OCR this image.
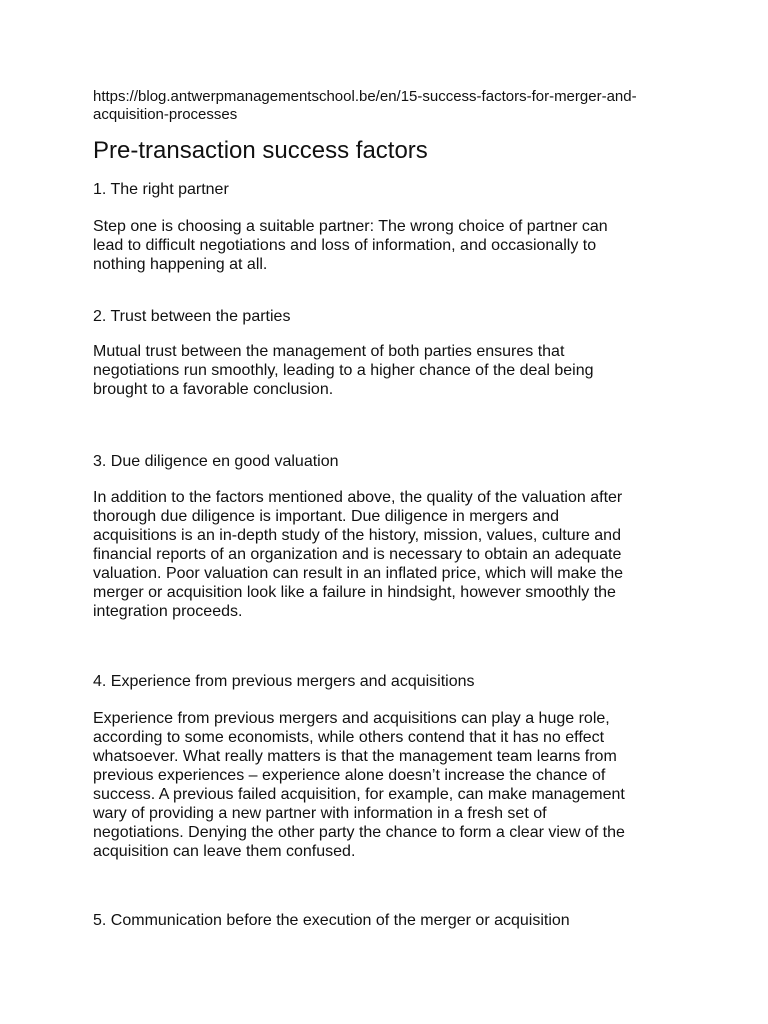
https://blog.antwerpmanagementschool.be/en/15-success-factors-for-merger-and-
acquisition-processes
Pre-transaction success factors
1. The right partner
Step one is choosing a suitable partner: The wrong choice of partner can
lead to difficult negotiations and loss of information, and occasionally to
nothing happening at all.
2. Trust between the parties
Mutual trust between the management of both parties ensures that
negotiations run smoothly, leading to a higher chance of the deal being
brought to a favorable conclusion.
3. Due diligence en good valuation
In addition to the factors mentioned above, the quality of the valuation after
thorough due diligence is important. Due diligence in mergers and
acquisitions is an in-depth study of the history, mission, values, culture and
financial reports of an organization and is necessary to obtain an adequate
valuation. Poor valuation can result in an inflated price, which will make the
merger or acquisition look like a failure in hindsight, however smoothly the
integration proceeds.
4. Experience from previous mergers and acquisitions
Experience from previous mergers and acquisitions can play a huge role,
according to some economists, while others contend that it has no effect
whatsoever. What really matters is that the management team learns from
previous experiences – experience alone doesn’t increase the chance of
success. A previous failed acquisition, for example, can make management
wary of providing a new partner with information in a fresh set of
negotiations. Denying the other party the chance to form a clear view of the
acquisition can leave them confused.
5. Communication before the execution of the merger or acquisition
